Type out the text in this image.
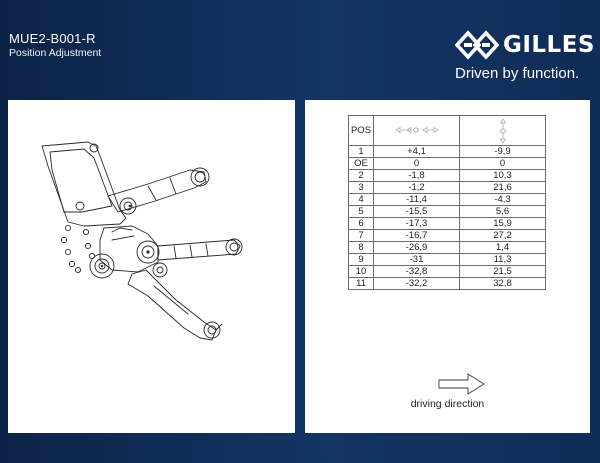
MUE2-B001-R
Position Adjustment	GILLES
Driven by function.
POS		
1	+4,1	-9,9
OE	0	0
2	-1,8	10,3
3	-1,2	21,6
4	-11,4	-4,3
5	-15,5	5,6
6	-17,3	15,9
7	-16,7	27,2
8	-26,9	1,4
9	-31	11,3
10	-32,8	21,5
11	-32,2	32,8
driving direction
